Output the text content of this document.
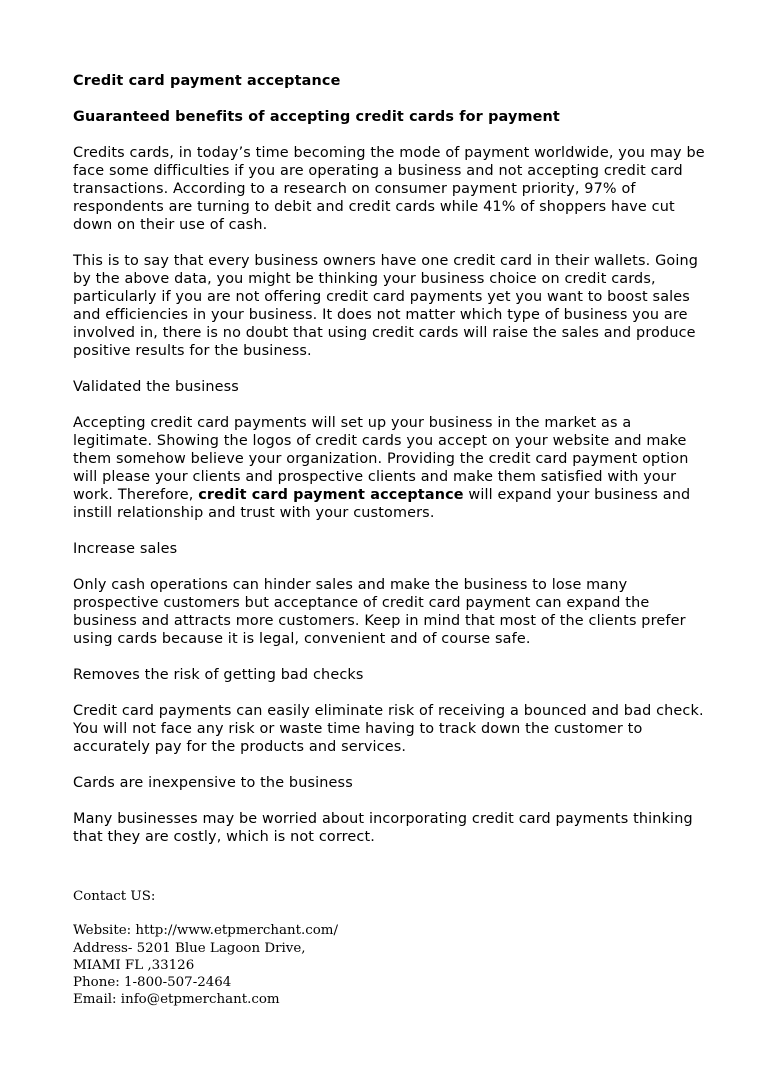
Credit card payment acceptance

Guaranteed benefits of accepting credit cards for payment

Credits cards, in today’s time becoming the mode of payment worldwide, you may be face some difficulties if you are operating a business and not accepting credit card transactions. According to a research on consumer payment priority, 97% of respondents are turning to debit and credit cards while 41% of shoppers have cut down on their use of cash.

This is to say that every business owners have one credit card in their wallets. Going by the above data, you might be thinking your business choice on credit cards, particularly if you are not offering credit card payments yet you want to boost sales and efficiencies in your business. It does not matter which type of business you are involved in, there is no doubt that using credit cards will raise the sales and produce positive results for the business.

Validated the business

Accepting credit card payments will set up your business in the market as a legitimate. Showing the logos of credit cards you accept on your website and make them somehow believe your organization. Providing the credit card payment option will please your clients and prospective clients and make them satisfied with your work. Therefore, credit card payment acceptance will expand your business and instill relationship and trust with your customers.

Increase sales

Only cash operations can hinder sales and make the business to lose many prospective customers but acceptance of credit card payment can expand the business and attracts more customers. Keep in mind that most of the clients prefer using cards because it is legal, convenient and of course safe.

Removes the risk of getting bad checks

Credit card payments can easily eliminate risk of receiving a bounced and bad check. You will not face any risk or waste time having to track down the customer to accurately pay for the products and services.

Cards are inexpensive to the business

Many businesses may be worried about incorporating credit card payments thinking that they are costly, which is not correct.

Contact US:
Website: http://www.etpmerchant.com/
Address- 5201 Blue Lagoon Drive,
MIAMI FL ,33126
Phone: 1-800-507-2464
Email: info@etpmerchant.com
